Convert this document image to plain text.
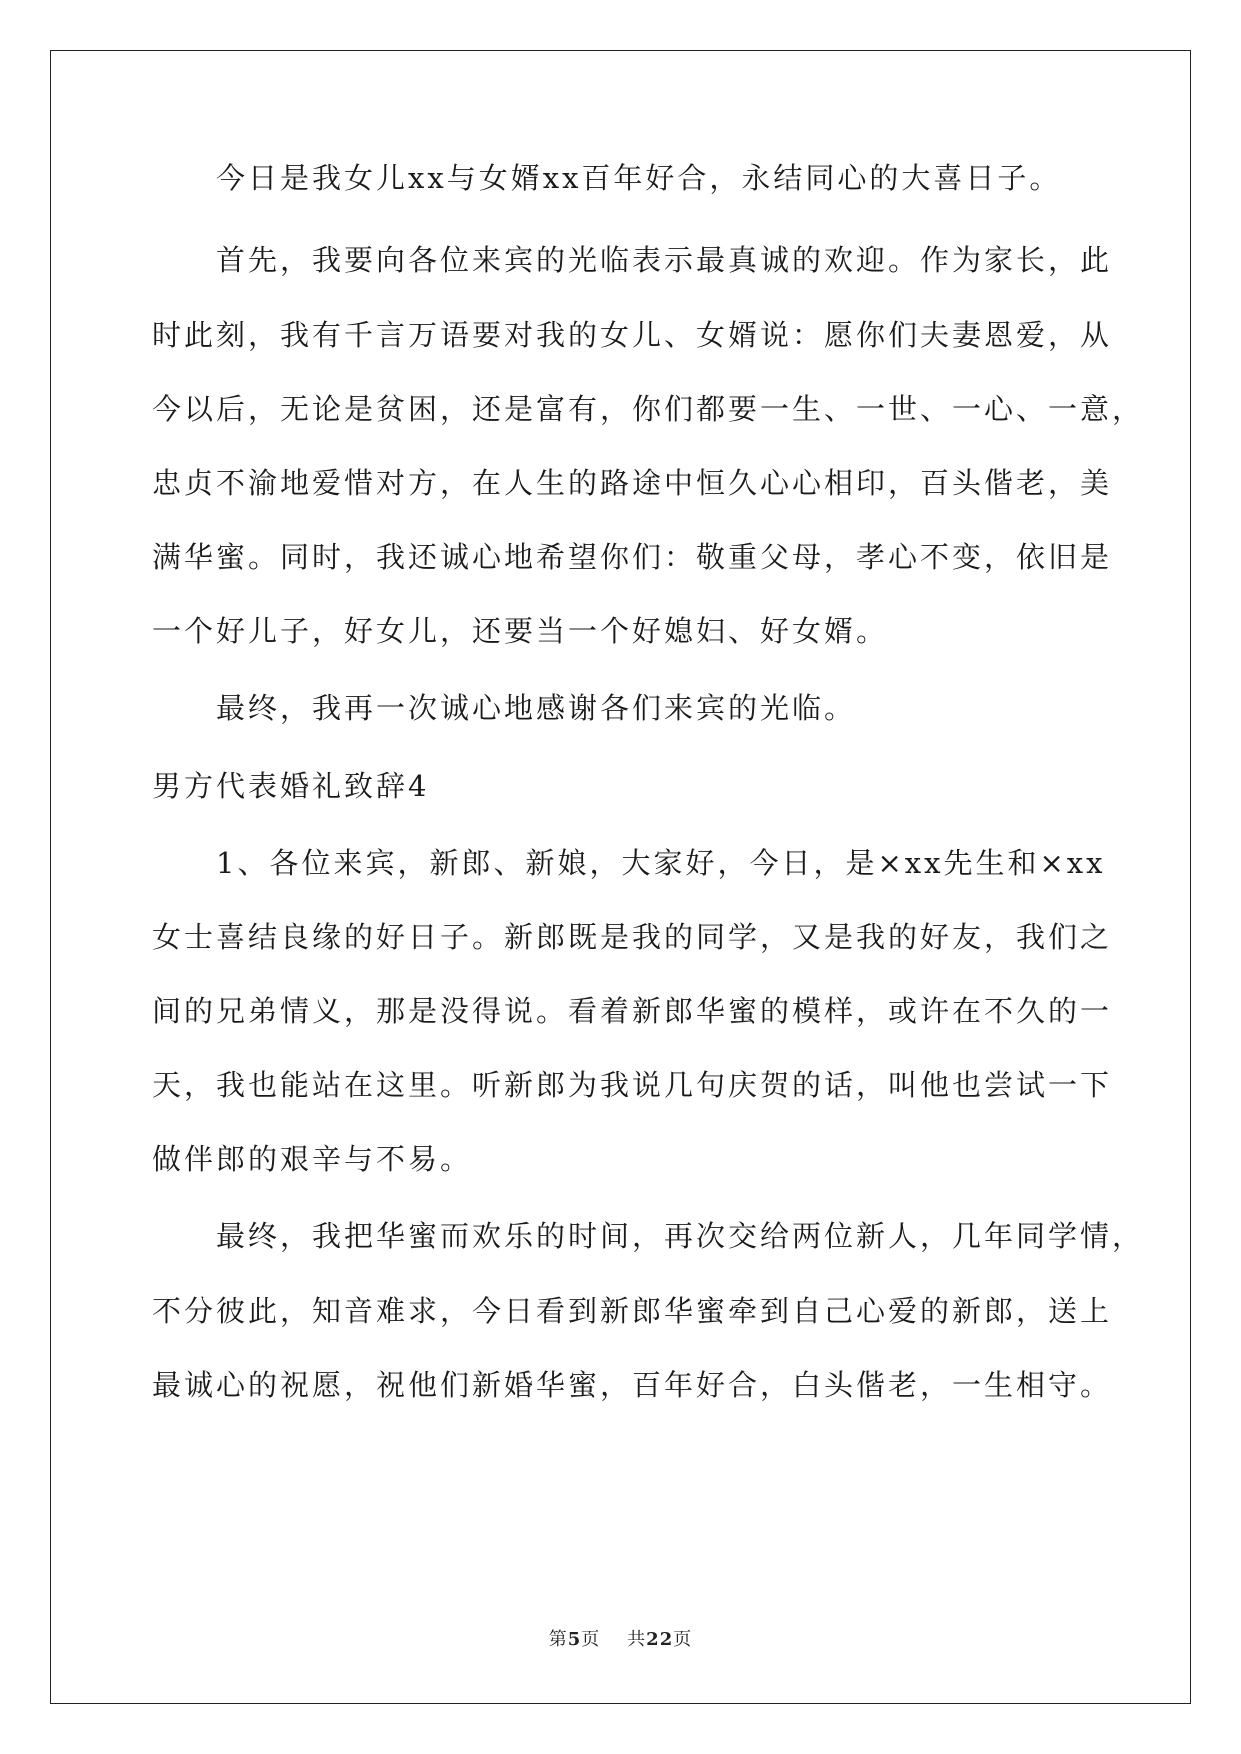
今日是我女儿xx与女婿xx百年好合，永结同心的大喜日子。
首先，我要向各位来宾的光临表示最真诚的欢迎。作为家长，此
时此刻，我有千言万语要对我的女儿、女婿说：愿你们夫妻恩爱，从
今以后，无论是贫困，还是富有，你们都要一生、一世、一心、一意，
忠贞不渝地爱惜对方，在人生的路途中恒久心心相印，百头偕老，美
满华蜜。同时，我还诚心地希望你们：敬重父母，孝心不变，依旧是
一个好儿子，好女儿，还要当一个好媳妇、好女婿。
最终，我再一次诚心地感谢各们来宾的光临。
男方代表婚礼致辞4
1、各位来宾，新郎、新娘，大家好，今日，是×xx先生和×xx
女士喜结良缘的好日子。新郎既是我的同学，又是我的好友，我们之
间的兄弟情义，那是没得说。看着新郎华蜜的模样，或许在不久的一
天，我也能站在这里。听新郎为我说几句庆贺的话，叫他也尝试一下
做伴郎的艰辛与不易。
最终，我把华蜜而欢乐的时间，再次交给两位新人，几年同学情，
不分彼此，知音难求，今日看到新郎华蜜牵到自己心爱的新郎，送上
最诚心的祝愿，祝他们新婚华蜜，百年好合，白头偕老，一生相守。
第5页 共22页
